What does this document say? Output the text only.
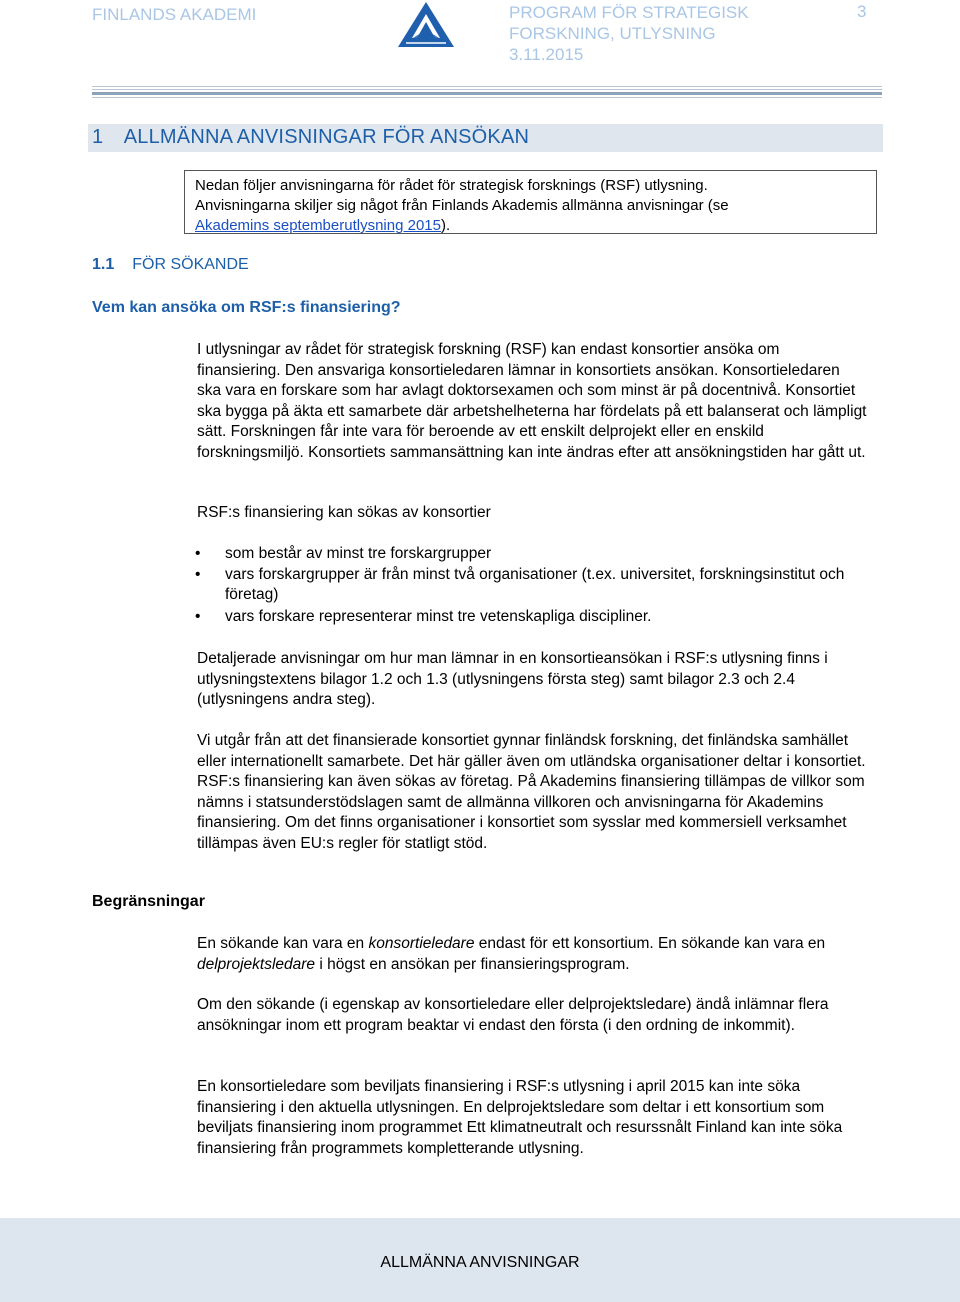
FINLANDS AKADEMI	PROGRAM FÖR STRATEGISK
FORSKNING, UTLYSNING
3.11.2015
3
1 ALLMÄNNA ANVISNINGAR FÖR ANSÖKAN
Nedan följer anvisningarna för rådet för strategisk forsknings (RSF) utlysning.
Anvisningarna skiljer sig något från Finlands Akademis allmänna anvisningar (se
Akademins septemberutlysning 2015).
1.1 FÖR SÖKANDE
Vem kan ansöka om RSF:s finansiering?

I utlysningar av rådet för strategisk forskning (RSF) kan endast konsortier ansöka om finansiering. Den ansvariga konsortieledaren lämnar in konsortiets ansökan. Konsortieledaren ska vara en forskare som har avlagt doktorsexamen och som minst är på docentnivå. Konsortiet ska bygga på äkta ett samarbete där arbetshelheterna har fördelats på ett balanserat och lämpligt sätt. Forskningen får inte vara för beroende av ett enskilt delprojekt eller en enskild forskningsmiljö. Konsortiets sammansättning kan inte ändras efter att ansökningstiden har gått ut.

RSF:s finansiering kan sökas av konsortier

• som består av minst tre forskargrupper
• vars forskargrupper är från minst två organisationer (t.ex. universitet, forskningsinstitut och företag)
• vars forskare representerar minst tre vetenskapliga discipliner.

Detaljerade anvisningar om hur man lämnar in en konsortieansökan i RSF:s utlysning finns i utlysningstextens bilagor 1.2 och 1.3 (utlysningens första steg) samt bilagor 2.3 och 2.4 (utlysningens andra steg).

Vi utgår från att det finansierade konsortiet gynnar finländsk forskning, det finländska samhället eller internationellt samarbete. Det här gäller även om utländska organisationer deltar i konsortiet. RSF:s finansiering kan även sökas av företag. På Akademins finansiering tillämpas de villkor som nämns i statsunderstödslagen samt de allmänna villkoren och anvisningarna för Akademins finansiering. Om det finns organisationer i konsortiet som sysslar med kommersiell verksamhet tillämpas även EU:s regler för statligt stöd.

Begränsningar

En sökande kan vara en konsortieledare endast för ett konsortium. En sökande kan vara en delprojektsledare i högst en ansökan per finansieringsprogram.

Om den sökande (i egenskap av konsortieledare eller delprojektsledare) ändå inlämnar flera ansökningar inom ett program beaktar vi endast den första (i den ordning de inkommit).

En konsortieledare som beviljats finansiering i RSF:s utlysning i april 2015 kan inte söka finansiering i den aktuella utlysningen. En delprojektsledare som deltar i ett konsortium som beviljats finansiering inom programmet Ett klimatneutralt och resurssnålt Finland kan inte söka finansiering från programmets kompletterande utlysning.

ALLMÄNNA ANVISNINGAR
